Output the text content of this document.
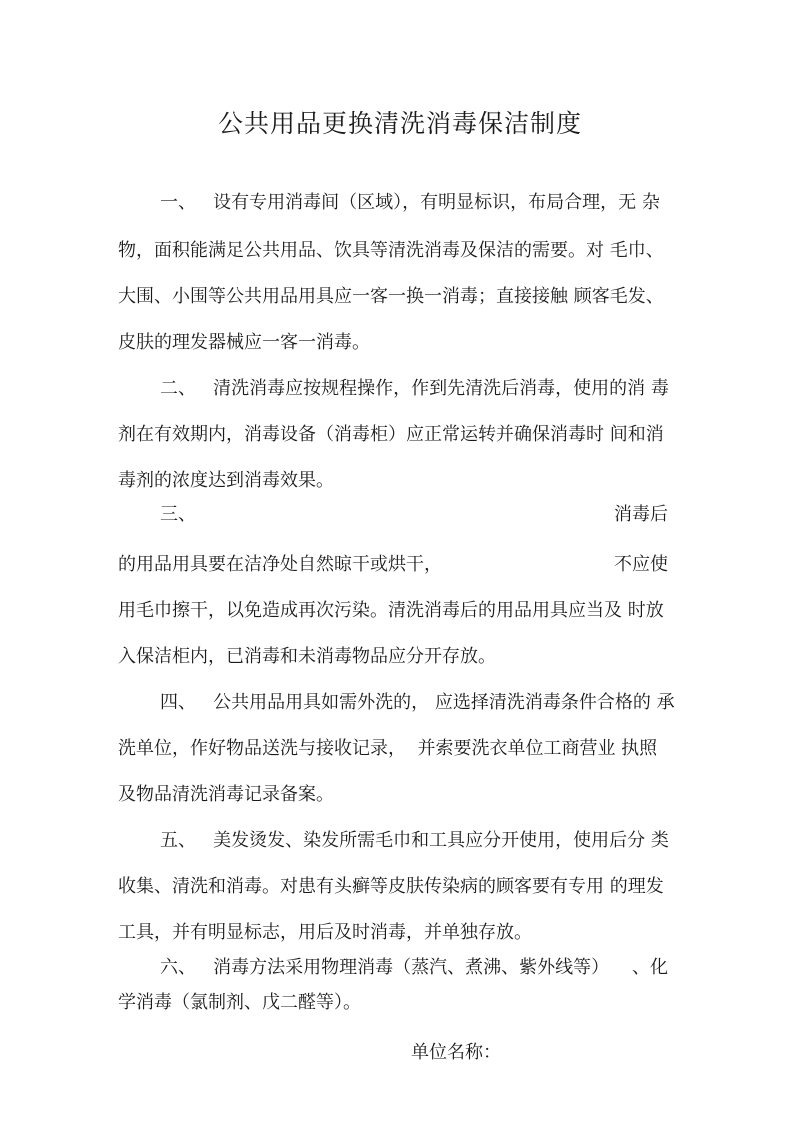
公共用品更换清洗消毒保洁制度
一、   设有专用消毒间（区域），有明显标识，布局合理，无 杂
物，面积能满足公共用品、饮具等清洗消毒及保洁的需要。对 毛巾、
大围、小围等公共用品用具应一客一换一消毒；直接接触 顾客毛发、
皮肤的理发器械应一客一消毒。
二、   清洗消毒应按规程操作，作到先清洗后消毒，使用的消 毒
剂在有效期内，消毒设备（消毒柜）应正常运转并确保消毒时 间和消
毒剂的浓度达到消毒效果。
三、	消毒后
的用品用具要在洁净处自然晾干或烘干，	不应使
用毛巾擦干，以免造成再次污染。清洗消毒后的用品用具应当及 时放
入保洁柜内，已消毒和未消毒物品应分开存放。
四、   公共用品用具如需外洗的， 应选择清洗消毒条件合格的 承
洗单位，作好物品送洗与接收记录，  并索要洗衣单位工商营业 执照
及物品清洗消毒记录备案。
五、   美发烫发、染发所需毛巾和工具应分开使用，使用后分 类
收集、清洗和消毒。对患有头癣等皮肤传染病的顾客要有专用 的理发
工具，并有明显标志，用后及时消毒，并单独存放。
六、   消毒方法采用物理消毒（蒸汽、煮沸、紫外线等）    、化
学消毒（氯制剂、戊二醛等）。
单位名称：
